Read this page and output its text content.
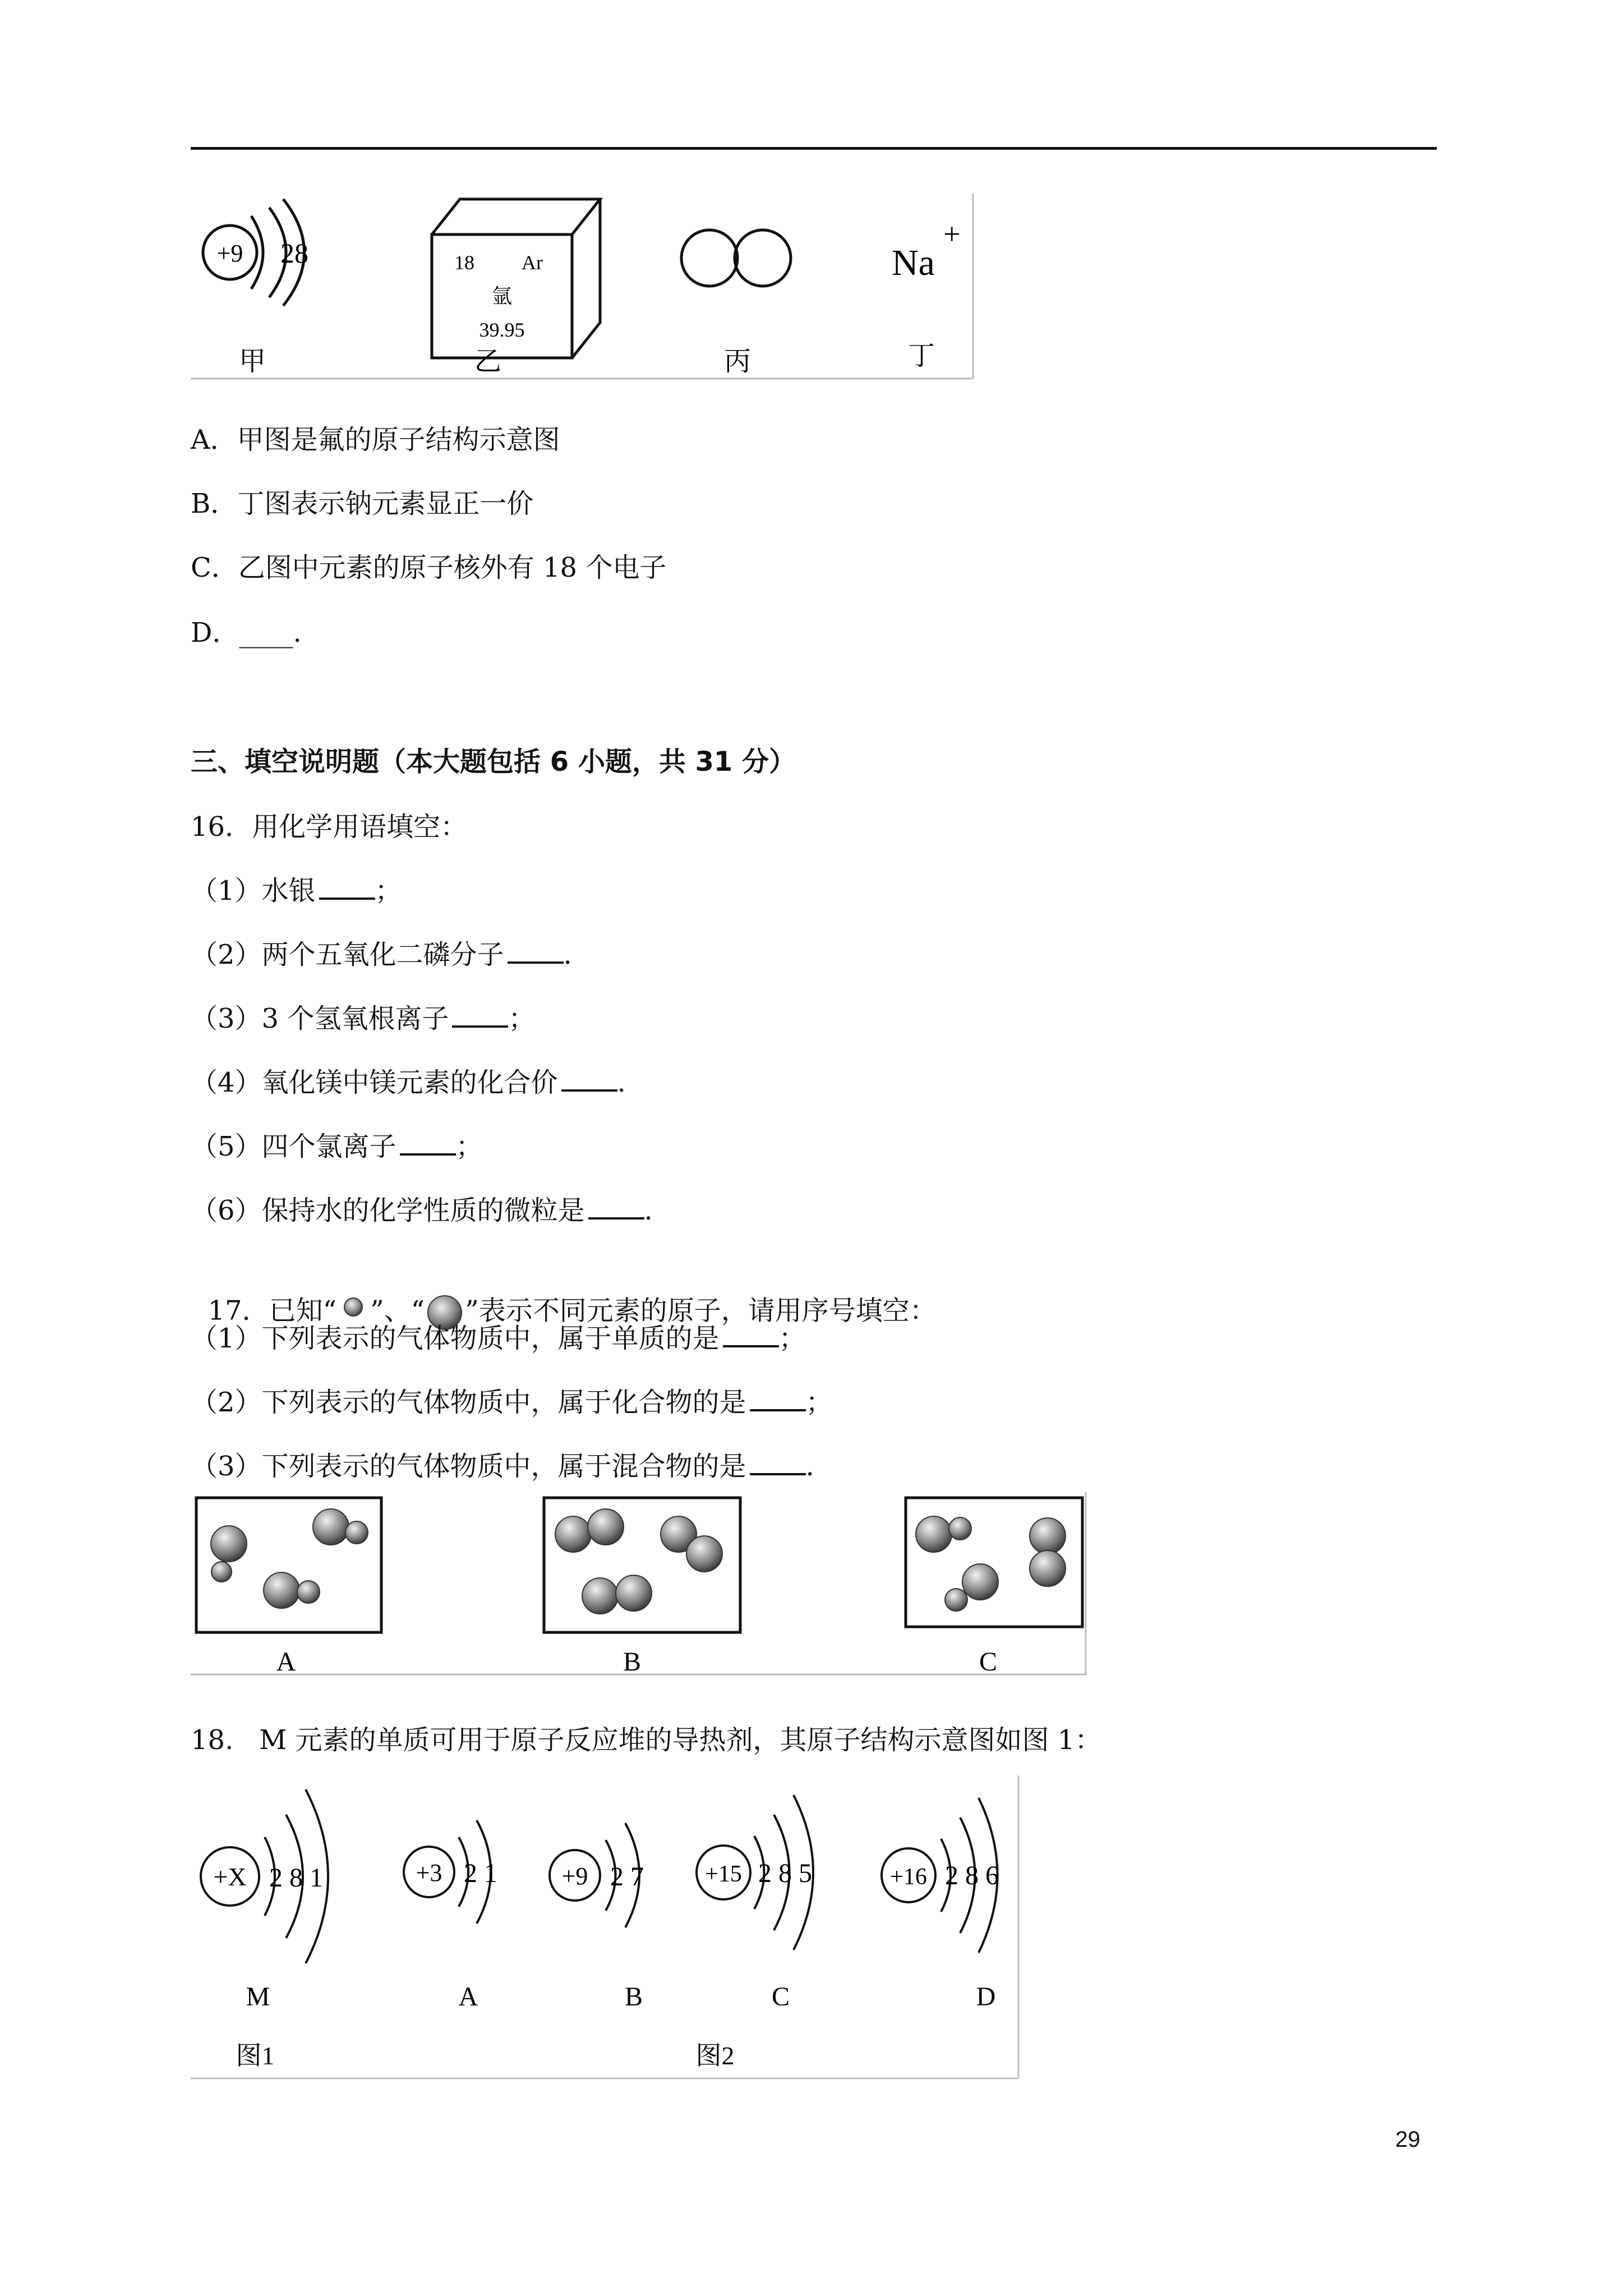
+9 28	18 Ar
氩
39.95
Na
+
甲	乙	丙	丁
A．甲图是氟的原子结构示意图
B．丁图表示钠元素显正一价
C．乙图中元素的原子核外有 18 个电子
D．____.
三、填空说明题（本大题包括 6 小题，共 31 分）
16．用化学用语填空：
（1）水银 ；
（2）两个五氧化二磷分子 .
（3）3 个氢氧根离子 ；
（4）氧化镁中镁元素的化合价 .
（5）四个氯离子 ；
（6）保持水的化学性质的微粒是 .

17．已知“ ”、“ ”表示不同元素的原子，请用序号填空：

（1）下列表示的气体物质中，属于单质的是 ；
（2）下列表示的气体物质中，属于化合物的是 ；
（3）下列表示的气体物质中，属于混合物的是 .
A	B	C
18.   M 元素的单质可用于原子反应堆的导热剂，其原子结构示意图如图 1：
+X 2 8 1
M
+3 2 1
A
+9 2 7
B
+15 2 8 5
C
+16 2 8 6
D
图1	图2
29
